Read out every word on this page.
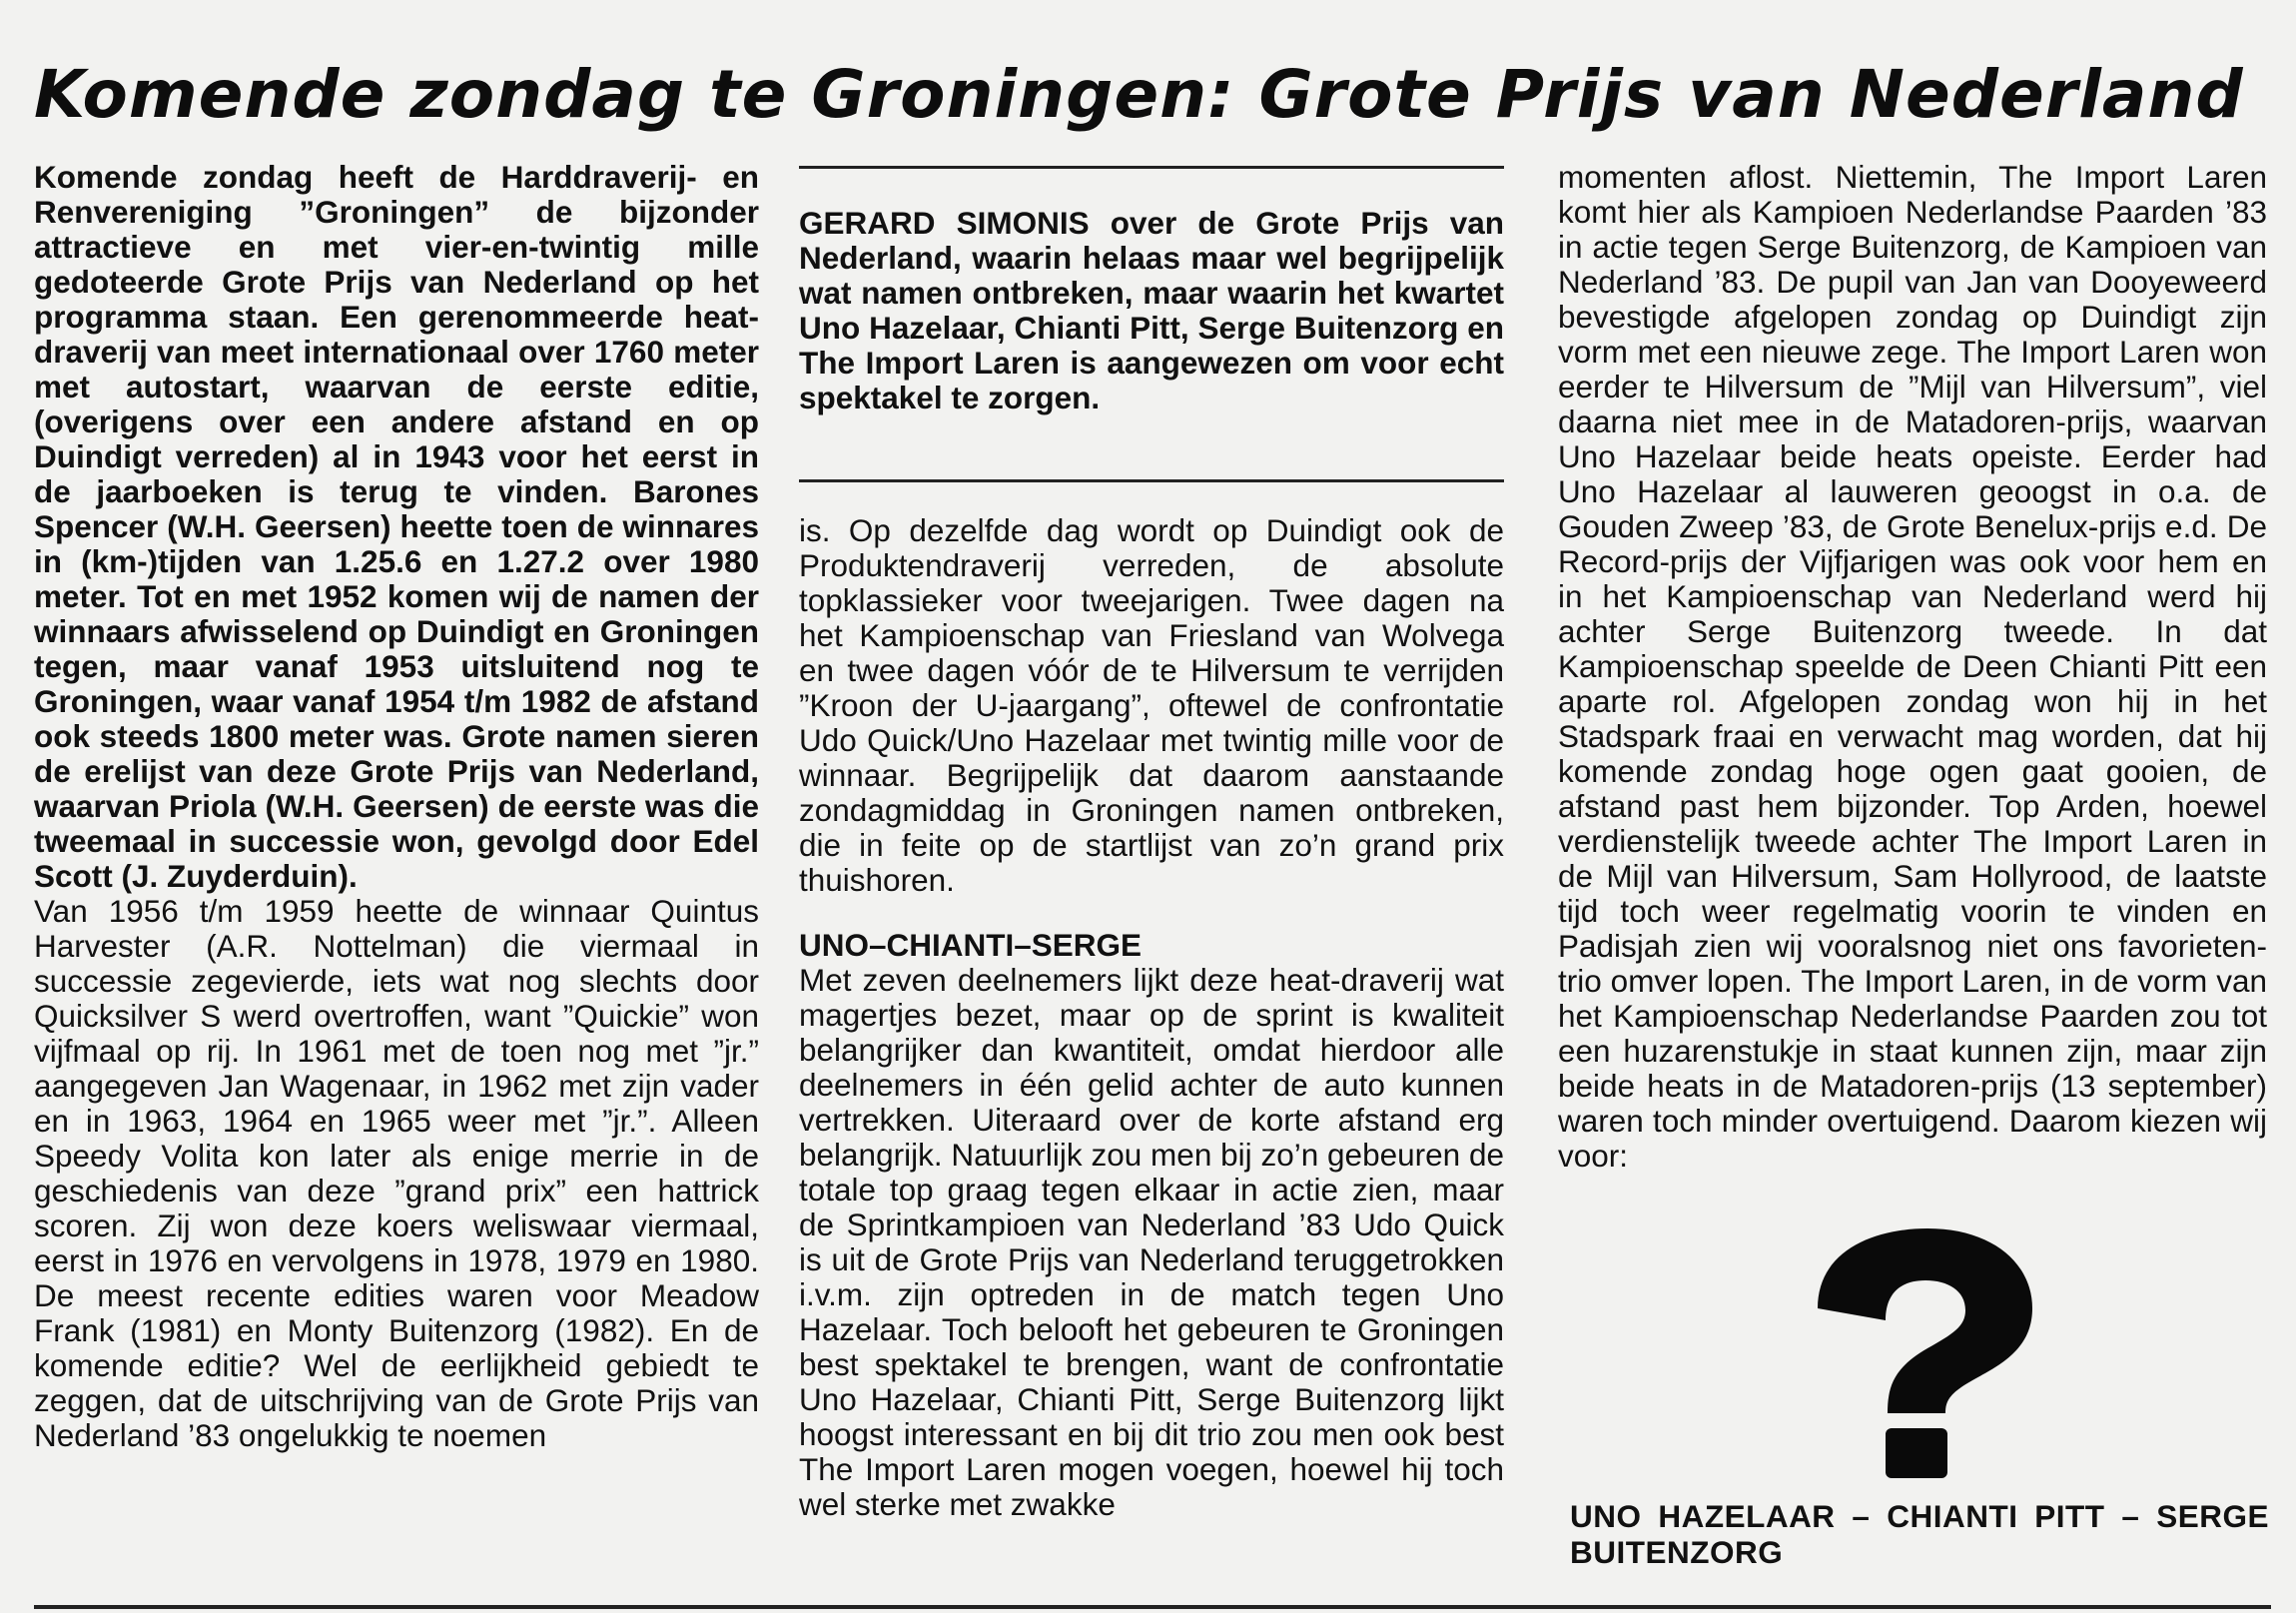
Komende zondag te Groningen: Grote Prijs van Nederland
Komende zondag heeft de Harddraverij- en Renvereniging ”Groningen” de bijzonder attractieve en met vier-en-twintig mille gedoteerde Grote Prijs van Nederland op het programma staan. Een gerenommeerde heat-draverij van meet internationaal over 1760 meter met autostart, waarvan de eerste editie, (overigens over een andere afstand en op Duindigt verreden) al in 1943 voor het eerst in de jaarboeken is terug te vinden. Barones Spencer (W.H. Geersen) heette toen de winnares in (km-)tijden van 1.25.6 en 1.27.2 over 1980 meter. Tot en met 1952 komen wij de namen der winnaars afwisselend op Duindigt en Groningen tegen, maar vanaf 1953 uitsluitend nog te Groningen, waar vanaf 1954 t/m 1982 de afstand ook steeds 1800 meter was. Grote namen sieren de erelijst van deze Grote Prijs van Nederland, waarvan Priola (W.H. Geersen) de eerste was die tweemaal in successie won, gevolgd door Edel Scott (J. Zuyderduin).
Van 1956 t/m 1959 heette de winnaar Quintus Harvester (A.R. Nottelman) die viermaal in successie zegevierde, iets wat nog slechts door Quicksilver S werd overtroffen, want ”Quickie” won vijfmaal op rij. In 1961 met de toen nog met ”jr.” aangegeven Jan Wagenaar, in 1962 met zijn vader en in 1963, 1964 en 1965 weer met ”jr.”. Alleen Speedy Volita kon later als enige merrie in de geschiedenis van deze ”grand prix” een hattrick scoren. Zij won deze koers weliswaar viermaal, eerst in 1976 en vervolgens in 1978, 1979 en 1980. De meest recente edities waren voor Meadow Frank (1981) en Monty Buitenzorg (1982). En de komende editie? Wel de eerlijkheid gebiedt te zeggen, dat de uitschrijving van de Grote Prijs van Nederland ’83 ongelukkig te noemen

GERARD SIMONIS over de Grote Prijs van Nederland, waarin helaas maar wel begrijpelijk wat namen ontbreken, maar waarin het kwartet Uno Hazelaar, Chianti Pitt, Serge Buitenzorg en The Import Laren is aangewezen om voor echt spektakel te zorgen.

is. Op dezelfde dag wordt op Duindigt ook de Produktendraverij verreden, de absolute topklassieker voor tweejarigen. Twee dagen na het Kampioenschap van Friesland van Wolvega en twee dagen vóór de te Hilversum te verrijden ”Kroon der U-jaargang”, oftewel de confrontatie Udo Quick/Uno Hazelaar met twintig mille voor de winnaar. Begrijpelijk dat daarom aanstaande zondagmiddag in Groningen namen ontbreken, die in feite op de startlijst van zo’n grand prix thuishoren.
UNO–CHIANTI–SERGE
Met zeven deelnemers lijkt deze heat-draverij wat magertjes bezet, maar op de sprint is kwaliteit belangrijker dan kwantiteit, omdat hierdoor alle deelnemers in één gelid achter de auto kunnen vertrekken. Uiteraard over de korte afstand erg belangrijk. Natuurlijk zou men bij zo’n gebeuren de totale top graag tegen elkaar in actie zien, maar de Sprintkampioen van Nederland ’83 Udo Quick is uit de Grote Prijs van Nederland teruggetrokken i.v.m. zijn optreden in de match tegen Uno Hazelaar. Toch belooft het gebeuren te Groningen best spektakel te brengen, want de confrontatie Uno Hazelaar, Chianti Pitt, Serge Buitenzorg lijkt hoogst interessant en bij dit trio zou men ook best The Import Laren mogen voegen, hoewel hij toch wel sterke met zwakke
momenten aflost. Niettemin, The Import Laren komt hier als Kampioen Nederlandse Paarden ’83 in actie tegen Serge Buitenzorg, de Kampioen van Nederland ’83. De pupil van Jan van Dooyeweerd bevestigde afgelopen zondag op Duindigt zijn vorm met een nieuwe zege. The Import Laren won eerder te Hilversum de ”Mijl van Hilversum”, viel daarna niet mee in de Matadoren-prijs, waarvan Uno Hazelaar beide heats opeiste. Eerder had Uno Hazelaar al lauweren geoogst in o.a. de Gouden Zweep ’83, de Grote Benelux-prijs e.d. De Record-prijs der Vijfjarigen was ook voor hem en in het Kampioenschap van Nederland werd hij achter Serge Buitenzorg tweede. In dat Kampioenschap speelde de Deen Chianti Pitt een aparte rol. Afgelopen zondag won hij in het Stadspark fraai en verwacht mag worden, dat hij komende zondag hoge ogen gaat gooien, de afstand past hem bijzonder. Top Arden, hoewel verdienstelijk tweede achter The Import Laren in de Mijl van Hilversum, Sam Hollyrood, de laatste tijd toch weer regelmatig voorin te vinden en Padisjah zien wij vooralsnog niet ons favorieten-trio omver lopen. The Import Laren, in de vorm van het Kampioenschap Nederlandse Paarden zou tot een huzarenstukje in staat kunnen zijn, maar zijn beide heats in de Matadoren-prijs (13 september) waren toch minder overtuigend. Daarom kiezen wij voor:

UNO HAZELAAR – CHIANTI PITT – SERGE BUITENZORG
